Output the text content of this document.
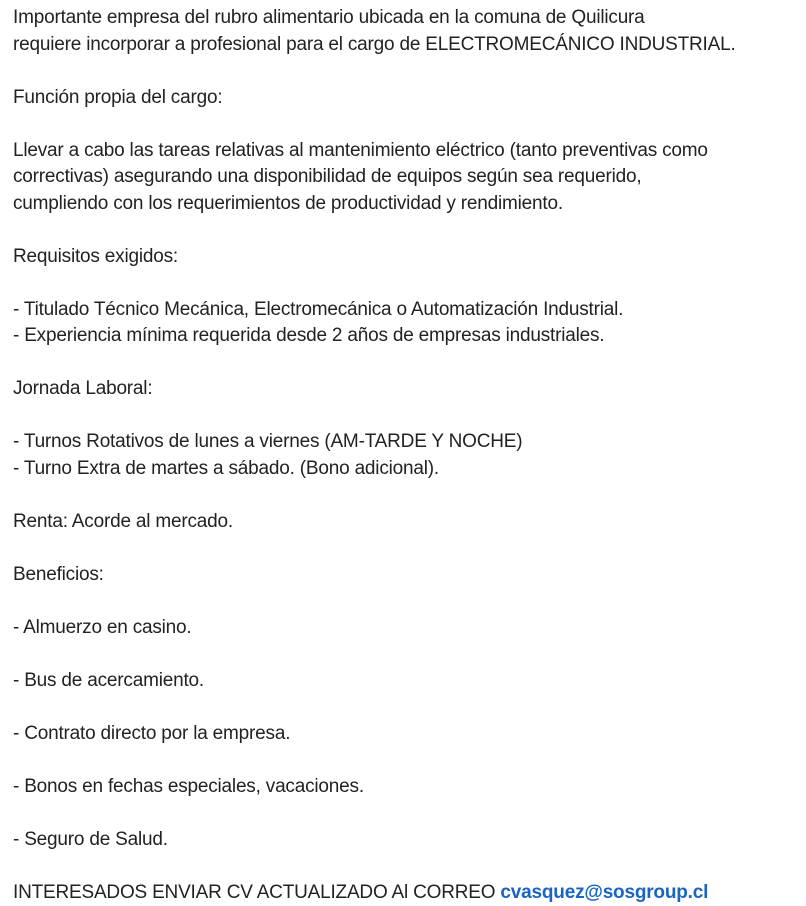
Importante empresa del rubro alimentario ubicada en la comuna de Quilicura
requiere incorporar a profesional para el cargo de ELECTROMECÁNICO INDUSTRIAL.

Función propia del cargo:

Llevar a cabo las tareas relativas al mantenimiento eléctrico (tanto preventivas como
correctivas) asegurando una disponibilidad de equipos según sea requerido,
cumpliendo con los requerimientos de productividad y rendimiento.

Requisitos exigidos:

- Titulado Técnico Mecánica, Electromecánica o Automatización Industrial.
- Experiencia mínima requerida desde 2 años de empresas industriales.

Jornada Laboral:

- Turnos Rotativos de lunes a viernes (AM-TARDE Y NOCHE)
- Turno Extra de martes a sábado. (Bono adicional).

Renta: Acorde al mercado.

Beneficios:

- Almuerzo en casino.

- Bus de acercamiento.

- Contrato directo por la empresa.

- Bonos en fechas especiales, vacaciones.

- Seguro de Salud.

INTERESADOS ENVIAR CV ACTUALIZADO Al CORREO cvasquez@sosgroup.cl
